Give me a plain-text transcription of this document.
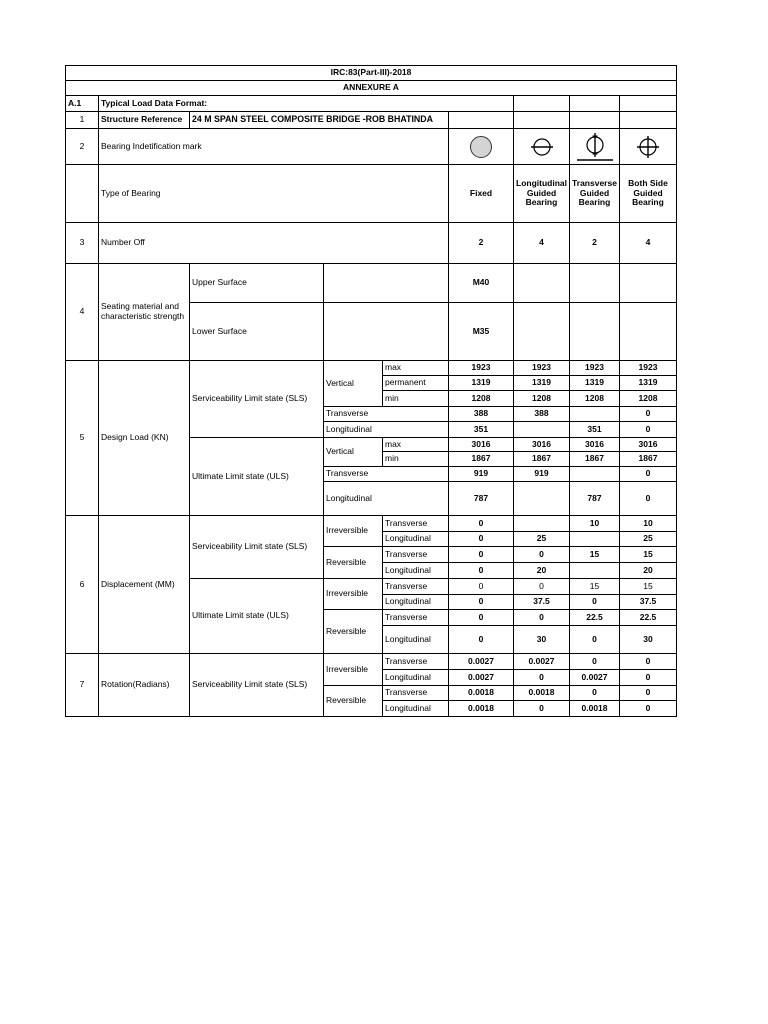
IRC:83(Part-III)-2018								
ANNEXURE A								
A.1	Typical Load Data Format:							
1	Structure Reference	24 M SPAN STEEL COMPOSITE BRIDGE -ROB BHATINDA						
2	Bearing Indetification mark	

	Type of Bearing				Fixed	Longitudinal Guided Bearing	Transverse Guided Bearing	Both Side Guided Bearing
3	Number Off				2	4	2	4
4	Seating material and characteristic strength	Upper Surface			M40			
		Lower Surface			M35			
5	Design Load (KN)	Serviceability Limit state (SLS)	Vertical	max	1923	1923	1923	1923
				permanent	1319	1319	1319	1319
				min	1208	1208	1208	1208
			Transverse		388	388		0
			Longitudinal		351		351	0
		Ultimate Limit state (ULS)	Vertical	max	3016	3016	3016	3016
				min	1867	1867	1867	1867
			Transverse		919	919		0
			Longitudinal		787		787	0
6	Displacement (MM)	Serviceability Limit state (SLS)	Irreversible	Transverse	0		10	10
				Longitudinal	0	25		25
			Reversible	Transverse	0	0	15	15
				Longitudinal	0	20		20
		Ultimate Limit state (ULS)	Irreversible	Transverse	0	0	15	15
				Longitudinal	0	37.5	0	37.5
			Reversible	Transverse	0	0	22.5	22.5
				Longitudinal	0	30	0	30
7	Rotation(Radians)	Serviceability Limit state (SLS)	Irreversible	Transverse	0.0027	0.0027	0	0
				Longitudinal	0.0027	0	0.0027	0
			Reversible	Transverse	0.0018	0.0018	0	0
				Longitudinal	0.0018	0	0.0018	0
